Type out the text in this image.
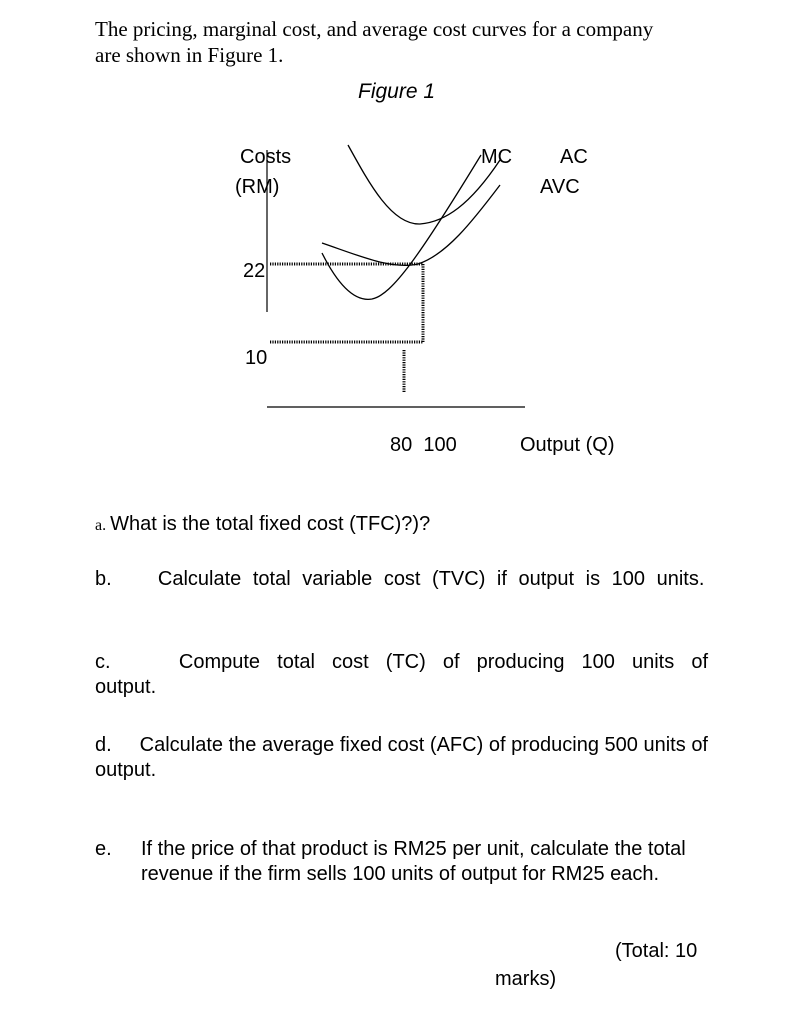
The pricing, marginal cost, and average cost curves for a company are shown in Figure 1.
Figure 1
Costs
(RM)
MC AC
AVC
22
10
80  100	Output (Q)
a. What is the total fixed cost (TFC)?)?
b. Calculate total variable cost (TVC) if output is 100 units.
c.	Compute total cost (TC) of producing 100 units of output.
d. Calculate the average fixed cost (AFC) of producing 500 units of output.
e. If the price of that product is RM25 per unit, calculate the total revenue if the firm sells 100 units of output for RM25 each.
(Total: 10
marks)
